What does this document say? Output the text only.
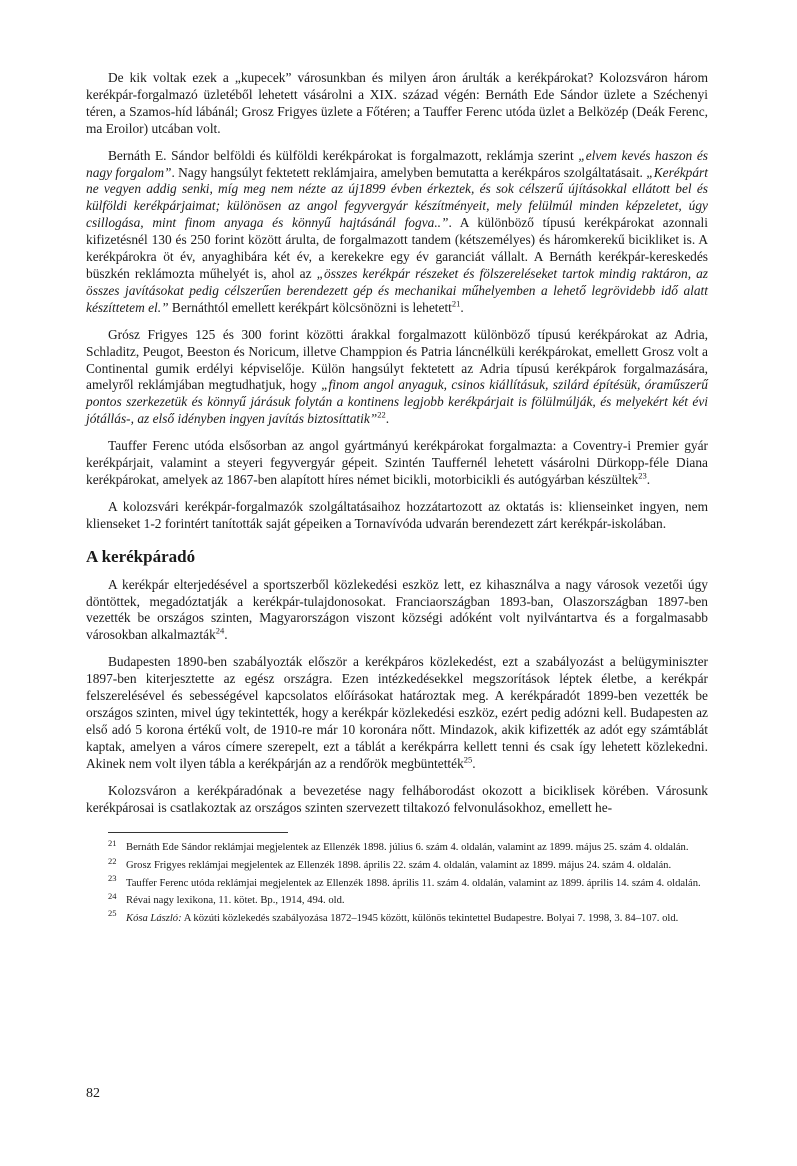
De kik voltak ezek a „kupecek” városunkban és milyen áron árulták a kerékpárokat? Kolozsváron három kerékpár-forgalmazó üzletéből lehetett vásárolni a XIX. század végén: Bernáth Ede Sándor üzlete a Széchenyi téren, a Szamos-híd lábánál; Grosz Frigyes üzlete a Főtéren; a Tauffer Ferenc utóda üzlet a Belközép (Deák Ferenc, ma Eroilor) utcában volt.

Bernáth E. Sándor belföldi és külföldi kerékpárokat is forgalmazott, reklámja szerint „elvem kevés haszon és nagy forgalom”. Nagy hangsúlyt fektetett reklámjaira, amelyben bemutatta a kerékpáros szolgáltatásait. „Kerékpárt ne vegyen addig senki, míg meg nem nézte az új1899 évben érkeztek, és sok célszerű újításokkal ellátott bel és külföldi kerékpárjaimat; különösen az angol fegyvergyár készítményeit, mely felülmúl minden képzeletet, úgy csillogása, mint finom anyaga és könnyű hajtásánál fogva..”. A különböző típusú kerékpárokat azonnali kifizetésnél 130 és 250 forint között árulta, de forgalmazott tandem (kétszemélyes) és háromkerekű bicikliket is. A kerékpárokra öt év, anyaghibára két év, a kerekekre egy év garanciát vállalt. A Bernáth kerékpár-kereskedés büszkén reklámozta műhelyét is, ahol az „összes kerékpár részeket és fölszereléseket tartok mindig raktáron, az összes javításokat pedig célszerűen berendezett gép és mechanikai műhelyemben a lehető legrövidebb idő alatt készíttetem el.” Bernáthtól emellett kerékpárt kölcsönözni is lehetett$^{21}$.

Grósz Frigyes 125 és 300 forint közötti árakkal forgalmazott különböző típusú kerékpárokat az Adria, Schladitz, Peugot, Beeston és Noricum, illetve Champpion és Patria láncnélküli kerékpárokat, emellett Grosz volt a Continental gumik erdélyi képviselője. Külön hangsúlyt fektetett az Adria típusú kerékpárok forgalmazására, amelyről reklámjában megtudhatjuk, hogy „finom angol anyaguk, csinos kiállításuk, szilárd építésük, óraműszerű pontos szerkezetük és könnyű járásuk folytán a kontinens legjobb kerékpárjait is fölülmúlják, és melyekért két évi jótállás-, az első idényben ingyen javítás biztosíttatik”$^{22}$.

Tauffer Ferenc utóda elsősorban az angol gyártmányú kerékpárokat forgalmazta: a Coventry-i Premier gyár kerékpárjait, valamint a steyeri fegyvergyár gépeit. Szintén Tauffernél lehetett vásárolni Dürkopp-féle Diana kerékpárokat, amelyek az 1867-ben alapított híres német bicikli, motorbicikli és autógyárban készültek$^{23}$.

A kolozsvári kerékpár-forgalmazók szolgáltatásaihoz hozzátartozott az oktatás is: klienseinket ingyen, nem klienseket 1-2 forintért tanították saját gépeiken a Tornavívóda udvarán berendezett zárt kerékpár-iskolában.

A kerékpáradó

A kerékpár elterjedésével a sportszerből közlekedési eszköz lett, ez kihasználva a nagy városok vezetői úgy döntöttek, megadóztatják a kerékpár-tulajdonosokat. Franciaországban 1893-ban, Olaszországban 1897-ben vezették be országos szinten, Magyarországon viszont községi adóként volt nyilvántartva és a forgalmasabb városokban alkalmazták$^{24}$.

Budapesten 1890-ben szabályozták először a kerékpáros közlekedést, ezt a szabályozást a belügyminiszter 1897-ben kiterjesztette az egész országra. Ezen intézkedésekkel megszorítások léptek életbe, a kerékpár felszerelésével és sebességével kapcsolatos előírásokat határoztak meg. A kerékpáradót 1899-ben vezették be országos szinten, mivel úgy tekintették, hogy a kerékpár közlekedési eszköz, ezért pedig adózni kell. Budapesten az első adó 5 korona értékű volt, de 1910-re már 10 koronára nőtt. Mindazok, akik kifizették az adót egy számtáblát kaptak, amelyen a város címere szerepelt, ezt a táblát a kerékpárra kellett tenni és csak így lehetett közlekedni. Akinek nem volt ilyen tábla a kerékpárján az a rendőrök megbüntették$^{25}$.

Kolozsváron a kerékpáradónak a bevezetése nagy felháborodást okozott a biciklisek körében. Városunk kerékpárosai is csatlakoztak az országos szinten szervezett tiltakozó felvonulásokhoz, emellett he-

21 Bernáth Ede Sándor reklámjai megjelentek az Ellenzék 1898. július 6. szám 4. oldalán, valamint az 1899. május 25. szám 4. oldalán.
22 Grosz Frigyes reklámjai megjelentek az Ellenzék 1898. április 22. szám 4. oldalán, valamint az 1899. május 24. szám 4. oldalán.
23 Tauffer Ferenc utóda reklámjai megjelentek az Ellenzék 1898. április 11. szám 4. oldalán, valamint az 1899. április 14. szám 4. oldalán.
24 Révai nagy lexikona, 11. kötet. Bp., 1914, 494. old.
25 Kósa László: A közúti közlekedés szabályozása 1872–1945 között, különös tekintettel Budapestre. Bolyai 7. 1998, 3. 84–107. old.
82
